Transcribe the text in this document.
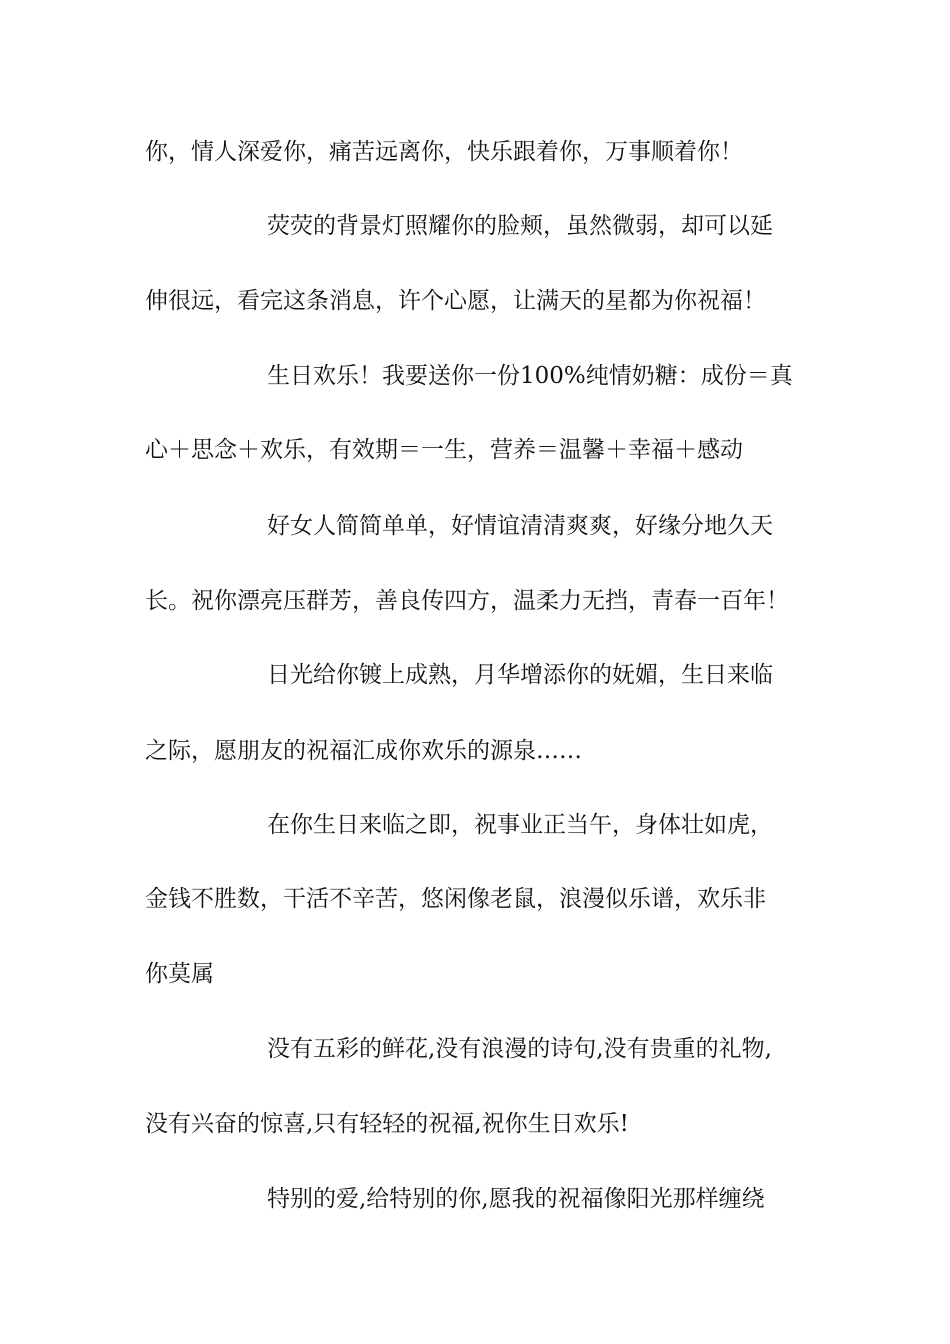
你，情人深爱你，痛苦远离你，快乐跟着你，万事顺着你！
荧荧的背景灯照耀你的脸颊，虽然微弱，却可以延
伸很远，看完这条消息，许个心愿，让满天的星都为你祝福！
生日欢乐！我要送你一份100%纯情奶糖：成份＝真
心＋思念＋欢乐，有效期＝一生，营养＝温馨＋幸福＋感动
好女人简简单单，好情谊清清爽爽，好缘分地久天
长。祝你漂亮压群芳，善良传四方，温柔力无挡，青春一百年！
日光给你镀上成熟，月华增添你的妩媚，生日来临
之际，愿朋友的祝福汇成你欢乐的源泉……
在你生日来临之即，祝事业正当午，身体壮如虎，
金钱不胜数，干活不辛苦，悠闲像老鼠，浪漫似乐谱，欢乐非
你莫属
没有五彩的鲜花,没有浪漫的诗句,没有贵重的礼物,
没有兴奋的惊喜,只有轻轻的祝福,祝你生日欢乐!
特别的爱,给特别的你,愿我的祝福像阳光那样缠绕
